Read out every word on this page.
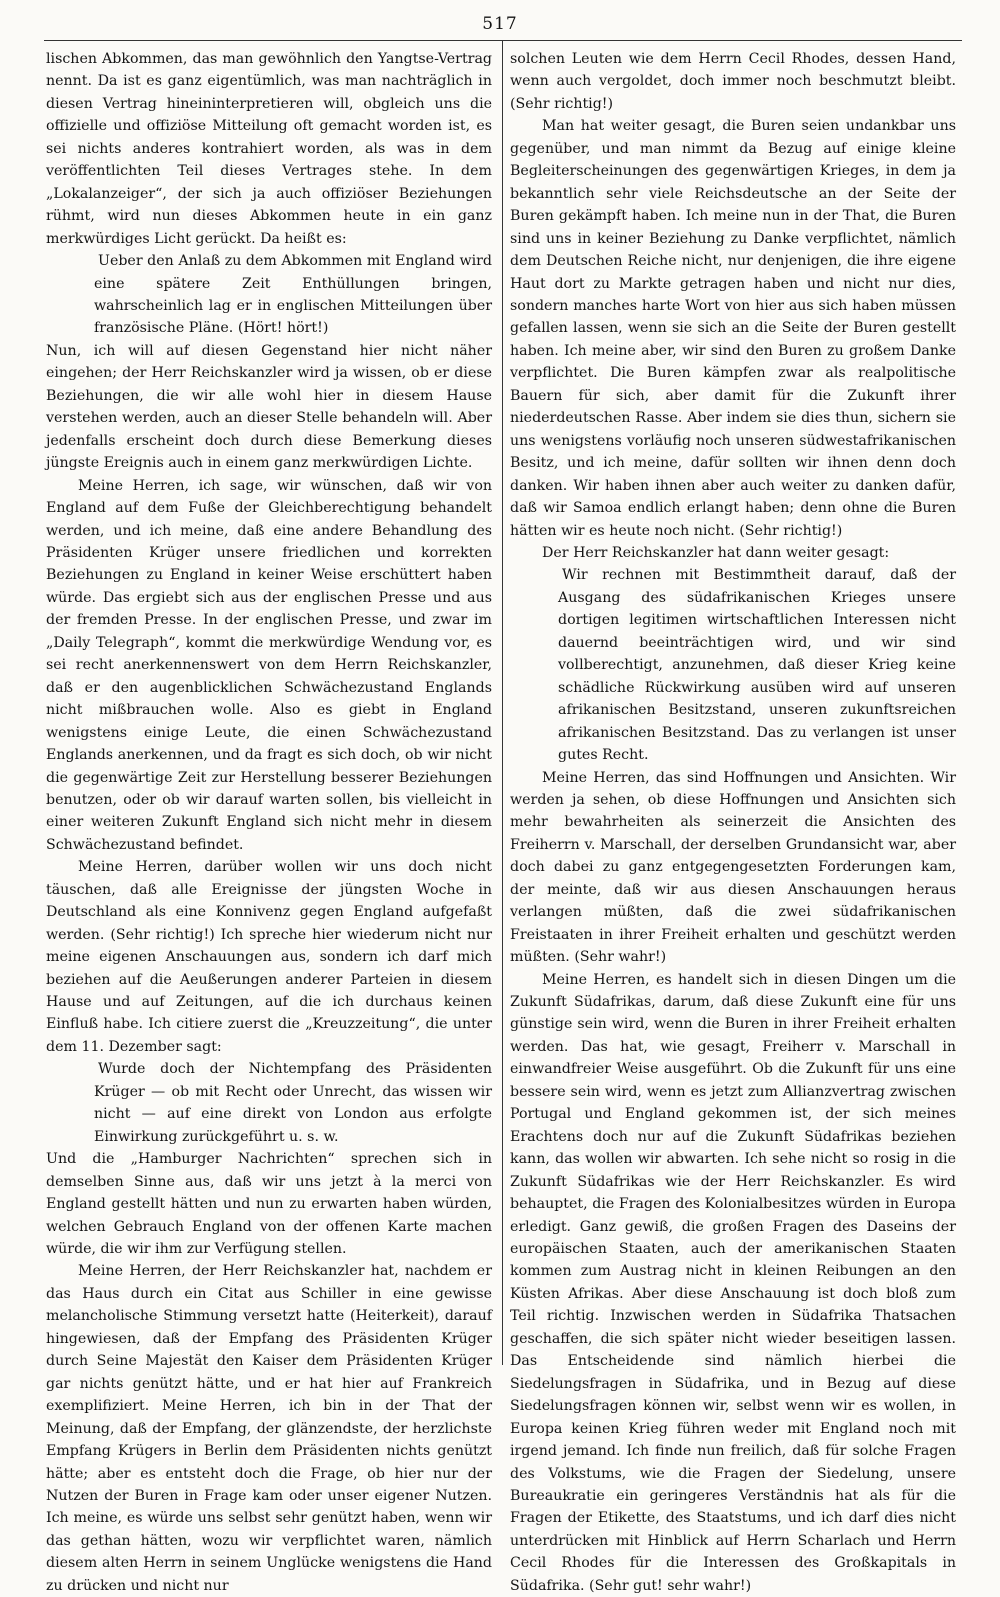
517

lischen Abkommen, das man gewöhnlich den Yangtse-Vertrag nennt. Da ist es ganz eigentümlich, was man nachträglich in diesen Vertrag hineininterpretieren will, obgleich uns die offizielle und offiziöse Mitteilung oft gemacht worden ist, es sei nichts anderes kontrahiert worden, als was in dem veröffentlichten Teil dieses Vertrages stehe. In dem „Lokalanzeiger“, der sich ja auch offiziöser Beziehungen rühmt, wird nun dieses Abkommen heute in ein ganz merkwürdiges Licht gerückt. Da heißt es:

Ueber den Anlaß zu dem Abkommen mit England wird eine spätere Zeit Enthüllungen bringen, wahrscheinlich lag er in englischen Mitteilungen über französische Pläne. (Hört! hört!)

Nun, ich will auf diesen Gegenstand hier nicht näher eingehen; der Herr Reichskanzler wird ja wissen, ob er diese Beziehungen, die wir alle wohl hier in diesem Hause verstehen werden, auch an dieser Stelle behandeln will. Aber jedenfalls erscheint doch durch diese Bemerkung dieses jüngste Ereignis auch in einem ganz merkwürdigen Lichte.

Meine Herren, ich sage, wir wünschen, daß wir von England auf dem Fuße der Gleichberechtigung behandelt werden, und ich meine, daß eine andere Behandlung des Präsidenten Krüger unsere friedlichen und korrekten Beziehungen zu England in keiner Weise erschüttert haben würde. Das ergiebt sich aus der englischen Presse und aus der fremden Presse. In der englischen Presse, und zwar im „Daily Telegraph“, kommt die merkwürdige Wendung vor, es sei recht anerkennenswert von dem Herrn Reichskanzler, daß er den augenblicklichen Schwächezustand Englands nicht mißbrauchen wolle. Also es giebt in England wenigstens einige Leute, die einen Schwächezustand Englands anerkennen, und da fragt es sich doch, ob wir nicht die gegenwärtige Zeit zur Herstellung besserer Beziehungen benutzen, oder ob wir darauf warten sollen, bis vielleicht in einer weiteren Zukunft England sich nicht mehr in diesem Schwächezustand befindet.

Meine Herren, darüber wollen wir uns doch nicht täuschen, daß alle Ereignisse der jüngsten Woche in Deutschland als eine Konnivenz gegen England aufgefaßt werden. (Sehr richtig!) Ich spreche hier wiederum nicht nur meine eigenen Anschauungen aus, sondern ich darf mich beziehen auf die Aeußerungen anderer Parteien in diesem Hause und auf Zeitungen, auf die ich durchaus keinen Einfluß habe. Ich citiere zuerst die „Kreuzzeitung“, die unter dem 11. Dezember sagt:

Wurde doch der Nichtempfang des Präsidenten Krüger — ob mit Recht oder Unrecht, das wissen wir nicht — auf eine direkt von London aus erfolgte Einwirkung zurückgeführt u. s. w.

Und die „Hamburger Nachrichten“ sprechen sich in demselben Sinne aus, daß wir uns jetzt à la merci von England gestellt hätten und nun zu erwarten haben würden, welchen Gebrauch England von der offenen Karte machen würde, die wir ihm zur Verfügung stellen.

Meine Herren, der Herr Reichskanzler hat, nachdem er das Haus durch ein Citat aus Schiller in eine gewisse melancholische Stimmung versetzt hatte (Heiterkeit), darauf hingewiesen, daß der Empfang des Präsidenten Krüger durch Seine Majestät den Kaiser dem Präsidenten Krüger gar nichts genützt hätte, und er hat hier auf Frankreich exemplifiziert. Meine Herren, ich bin in der That der Meinung, daß der Empfang, der glänzendste, der herzlichste Empfang Krügers in Berlin dem Präsidenten nichts genützt hätte; aber es entsteht doch die Frage, ob hier nur der Nutzen der Buren in Frage kam oder unser eigener Nutzen. Ich meine, es würde uns selbst sehr genützt haben, wenn wir das gethan hätten, wozu wir verpflichtet waren, nämlich diesem alten Herrn in seinem Unglücke wenigstens die Hand zu drücken und nicht nur

solchen Leuten wie dem Herrn Cecil Rhodes, dessen Hand, wenn auch vergoldet, doch immer noch beschmutzt bleibt. (Sehr richtig!)

Man hat weiter gesagt, die Buren seien undankbar uns gegenüber, und man nimmt da Bezug auf einige kleine Begleiterscheinungen des gegenwärtigen Krieges, in dem ja bekanntlich sehr viele Reichsdeutsche an der Seite der Buren gekämpft haben. Ich meine nun in der That, die Buren sind uns in keiner Beziehung zu Danke verpflichtet, nämlich dem Deutschen Reiche nicht, nur denjenigen, die ihre eigene Haut dort zu Markte getragen haben und nicht nur dies, sondern manches harte Wort von hier aus sich haben müssen gefallen lassen, wenn sie sich an die Seite der Buren gestellt haben. Ich meine aber, wir sind den Buren zu großem Danke verpflichtet. Die Buren kämpfen zwar als realpolitische Bauern für sich, aber damit für die Zukunft ihrer niederdeutschen Rasse. Aber indem sie dies thun, sichern sie uns wenigstens vorläufig noch unseren südwestafrikanischen Besitz, und ich meine, dafür sollten wir ihnen denn doch danken. Wir haben ihnen aber auch weiter zu danken dafür, daß wir Samoa endlich erlangt haben; denn ohne die Buren hätten wir es heute noch nicht. (Sehr richtig!)

Der Herr Reichskanzler hat dann weiter gesagt:

Wir rechnen mit Bestimmtheit darauf, daß der Ausgang des südafrikanischen Krieges unsere dortigen legitimen wirtschaftlichen Interessen nicht dauernd beeinträchtigen wird, und wir sind vollberechtigt, anzunehmen, daß dieser Krieg keine schädliche Rückwirkung ausüben wird auf unseren afrikanischen Besitzstand, unseren zukunftsreichen afrikanischen Besitzstand. Das zu verlangen ist unser gutes Recht.

Meine Herren, das sind Hoffnungen und Ansichten. Wir werden ja sehen, ob diese Hoffnungen und Ansichten sich mehr bewahrheiten als seinerzeit die Ansichten des Freiherrn v. Marschall, der derselben Grundansicht war, aber doch dabei zu ganz entgegengesetzten Forderungen kam, der meinte, daß wir aus diesen Anschauungen heraus verlangen müßten, daß die zwei südafrikanischen Freistaaten in ihrer Freiheit erhalten und geschützt werden müßten. (Sehr wahr!)

Meine Herren, es handelt sich in diesen Dingen um die Zukunft Südafrikas, darum, daß diese Zukunft eine für uns günstige sein wird, wenn die Buren in ihrer Freiheit erhalten werden. Das hat, wie gesagt, Freiherr v. Marschall in einwandfreier Weise ausgeführt. Ob die Zukunft für uns eine bessere sein wird, wenn es jetzt zum Allianzvertrag zwischen Portugal und England gekommen ist, der sich meines Erachtens doch nur auf die Zukunft Südafrikas beziehen kann, das wollen wir abwarten. Ich sehe nicht so rosig in die Zukunft Südafrikas wie der Herr Reichskanzler. Es wird behauptet, die Fragen des Kolonialbesitzes würden in Europa erledigt. Ganz gewiß, die großen Fragen des Daseins der europäischen Staaten, auch der amerikanischen Staaten kommen zum Austrag nicht in kleinen Reibungen an den Küsten Afrikas. Aber diese Anschauung ist doch bloß zum Teil richtig. Inzwischen werden in Südafrika Thatsachen geschaffen, die sich später nicht wieder beseitigen lassen. Das Entscheidende sind nämlich hierbei die Siedelungsfragen in Südafrika, und in Bezug auf diese Siedelungsfragen können wir, selbst wenn wir es wollen, in Europa keinen Krieg führen weder mit England noch mit irgend jemand. Ich finde nun freilich, daß für solche Fragen des Volkstums, wie die Fragen der Siedelung, unsere Bureaukratie ein geringeres Verständnis hat als für die Fragen der Etikette, des Staatstums, und ich darf dies nicht unterdrücken mit Hinblick auf Herrn Scharlach und Herrn Cecil Rhodes für die Interessen des Großkapitals in Südafrika. (Sehr gut! sehr wahr!)
